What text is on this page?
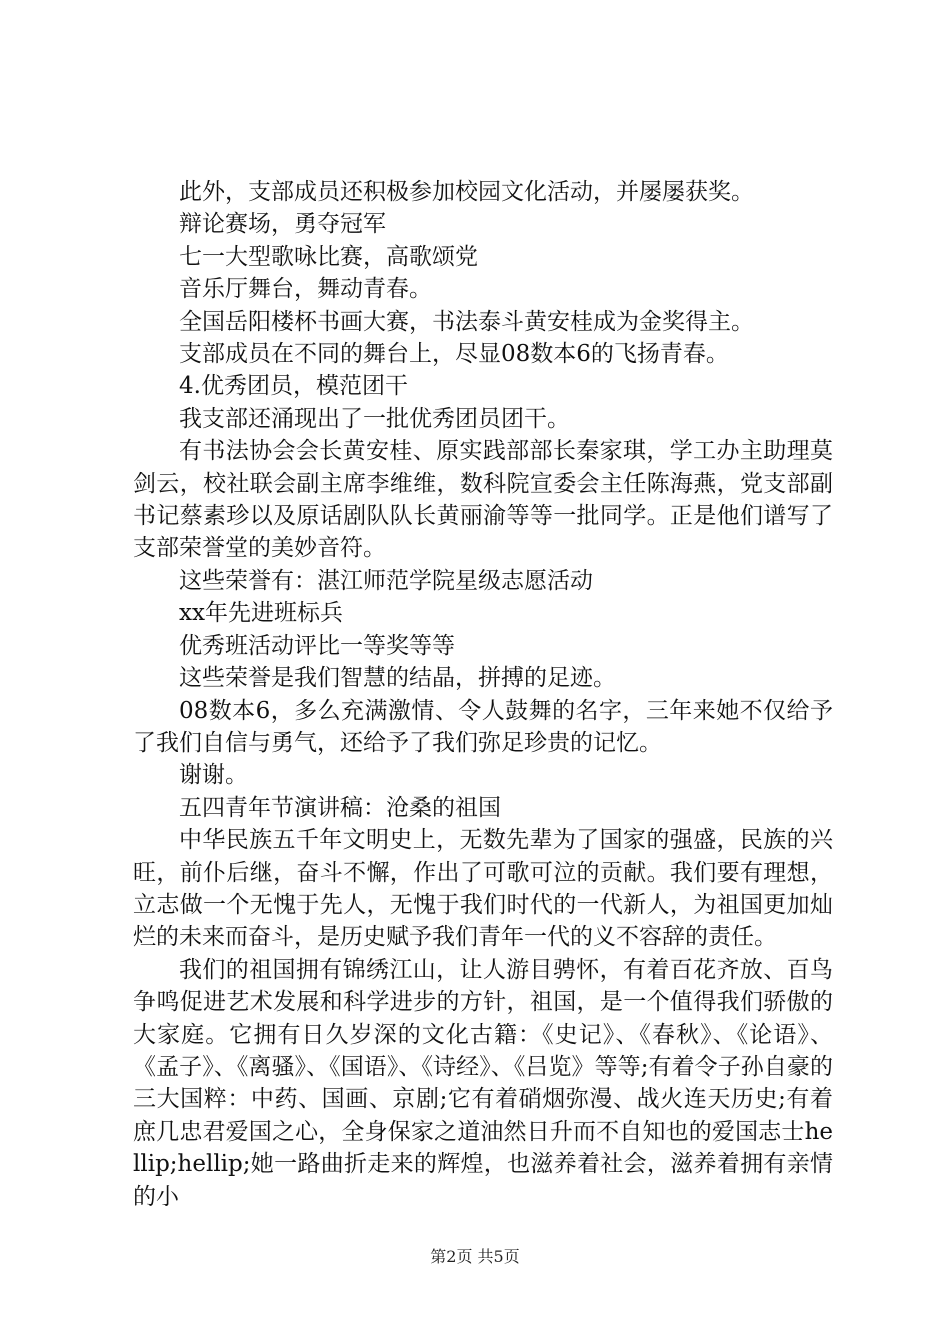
此外，支部成员还积极参加校园文化活动，并屡屡获奖。

辩论赛场，勇夺冠军

七一大型歌咏比赛，高歌颂党

音乐厅舞台，舞动青春。

全国岳阳楼杯书画大赛，书法泰斗黄安桂成为金奖得主。

支部成员在不同的舞台上，尽显08数本6的飞扬青春。

4.优秀团员，模范团干

我支部还涌现出了一批优秀团员团干。

有书法协会会长黄安桂、原实践部部长秦家琪，学工办主助理莫剑云，校社联会副主席李维维，数科院宣委会主任陈海燕，党支部副书记蔡素珍以及原话剧队队长黄丽渝等等一批同学。正是他们谱写了支部荣誉堂的美妙音符。

这些荣誉有：湛江师范学院星级志愿活动

xx年先进班标兵

优秀班活动评比一等奖等等

这些荣誉是我们智慧的结晶，拼搏的足迹。

08数本6，多么充满激情、令人鼓舞的名字，三年来她不仅给予了我们自信与勇气，还给予了我们弥足珍贵的记忆。

谢谢。

五四青年节演讲稿：沧桑的祖国

中华民族五千年文明史上，无数先辈为了国家的强盛，民族的兴旺，前仆后继，奋斗不懈，作出了可歌可泣的贡献。我们要有理想，立志做一个无愧于先人，无愧于我们时代的一代新人，为祖国更加灿烂的未来而奋斗，是历史赋予我们青年一代的义不容辞的责任。

我们的祖国拥有锦绣江山，让人游目骋怀，有着百花齐放、百鸟争鸣促进艺术发展和科学进步的方针，祖国，是一个值得我们骄傲的大家庭。它拥有日久岁深的文化古籍：《史记》、《春秋》、《论语》、《孟子》、《离骚》、《国语》、《诗经》、《吕览》等等;有着令子孙自豪的三大国粹：中药、国画、京剧;它有着硝烟弥漫、战火连天历史;有着庶几忠君爱国之心，全身保家之道油然日升而不自知也的爱国志士hellip;hellip;她一路曲折走来的辉煌，也滋养着社会，滋养着拥有亲情的小

第2页 共5页
